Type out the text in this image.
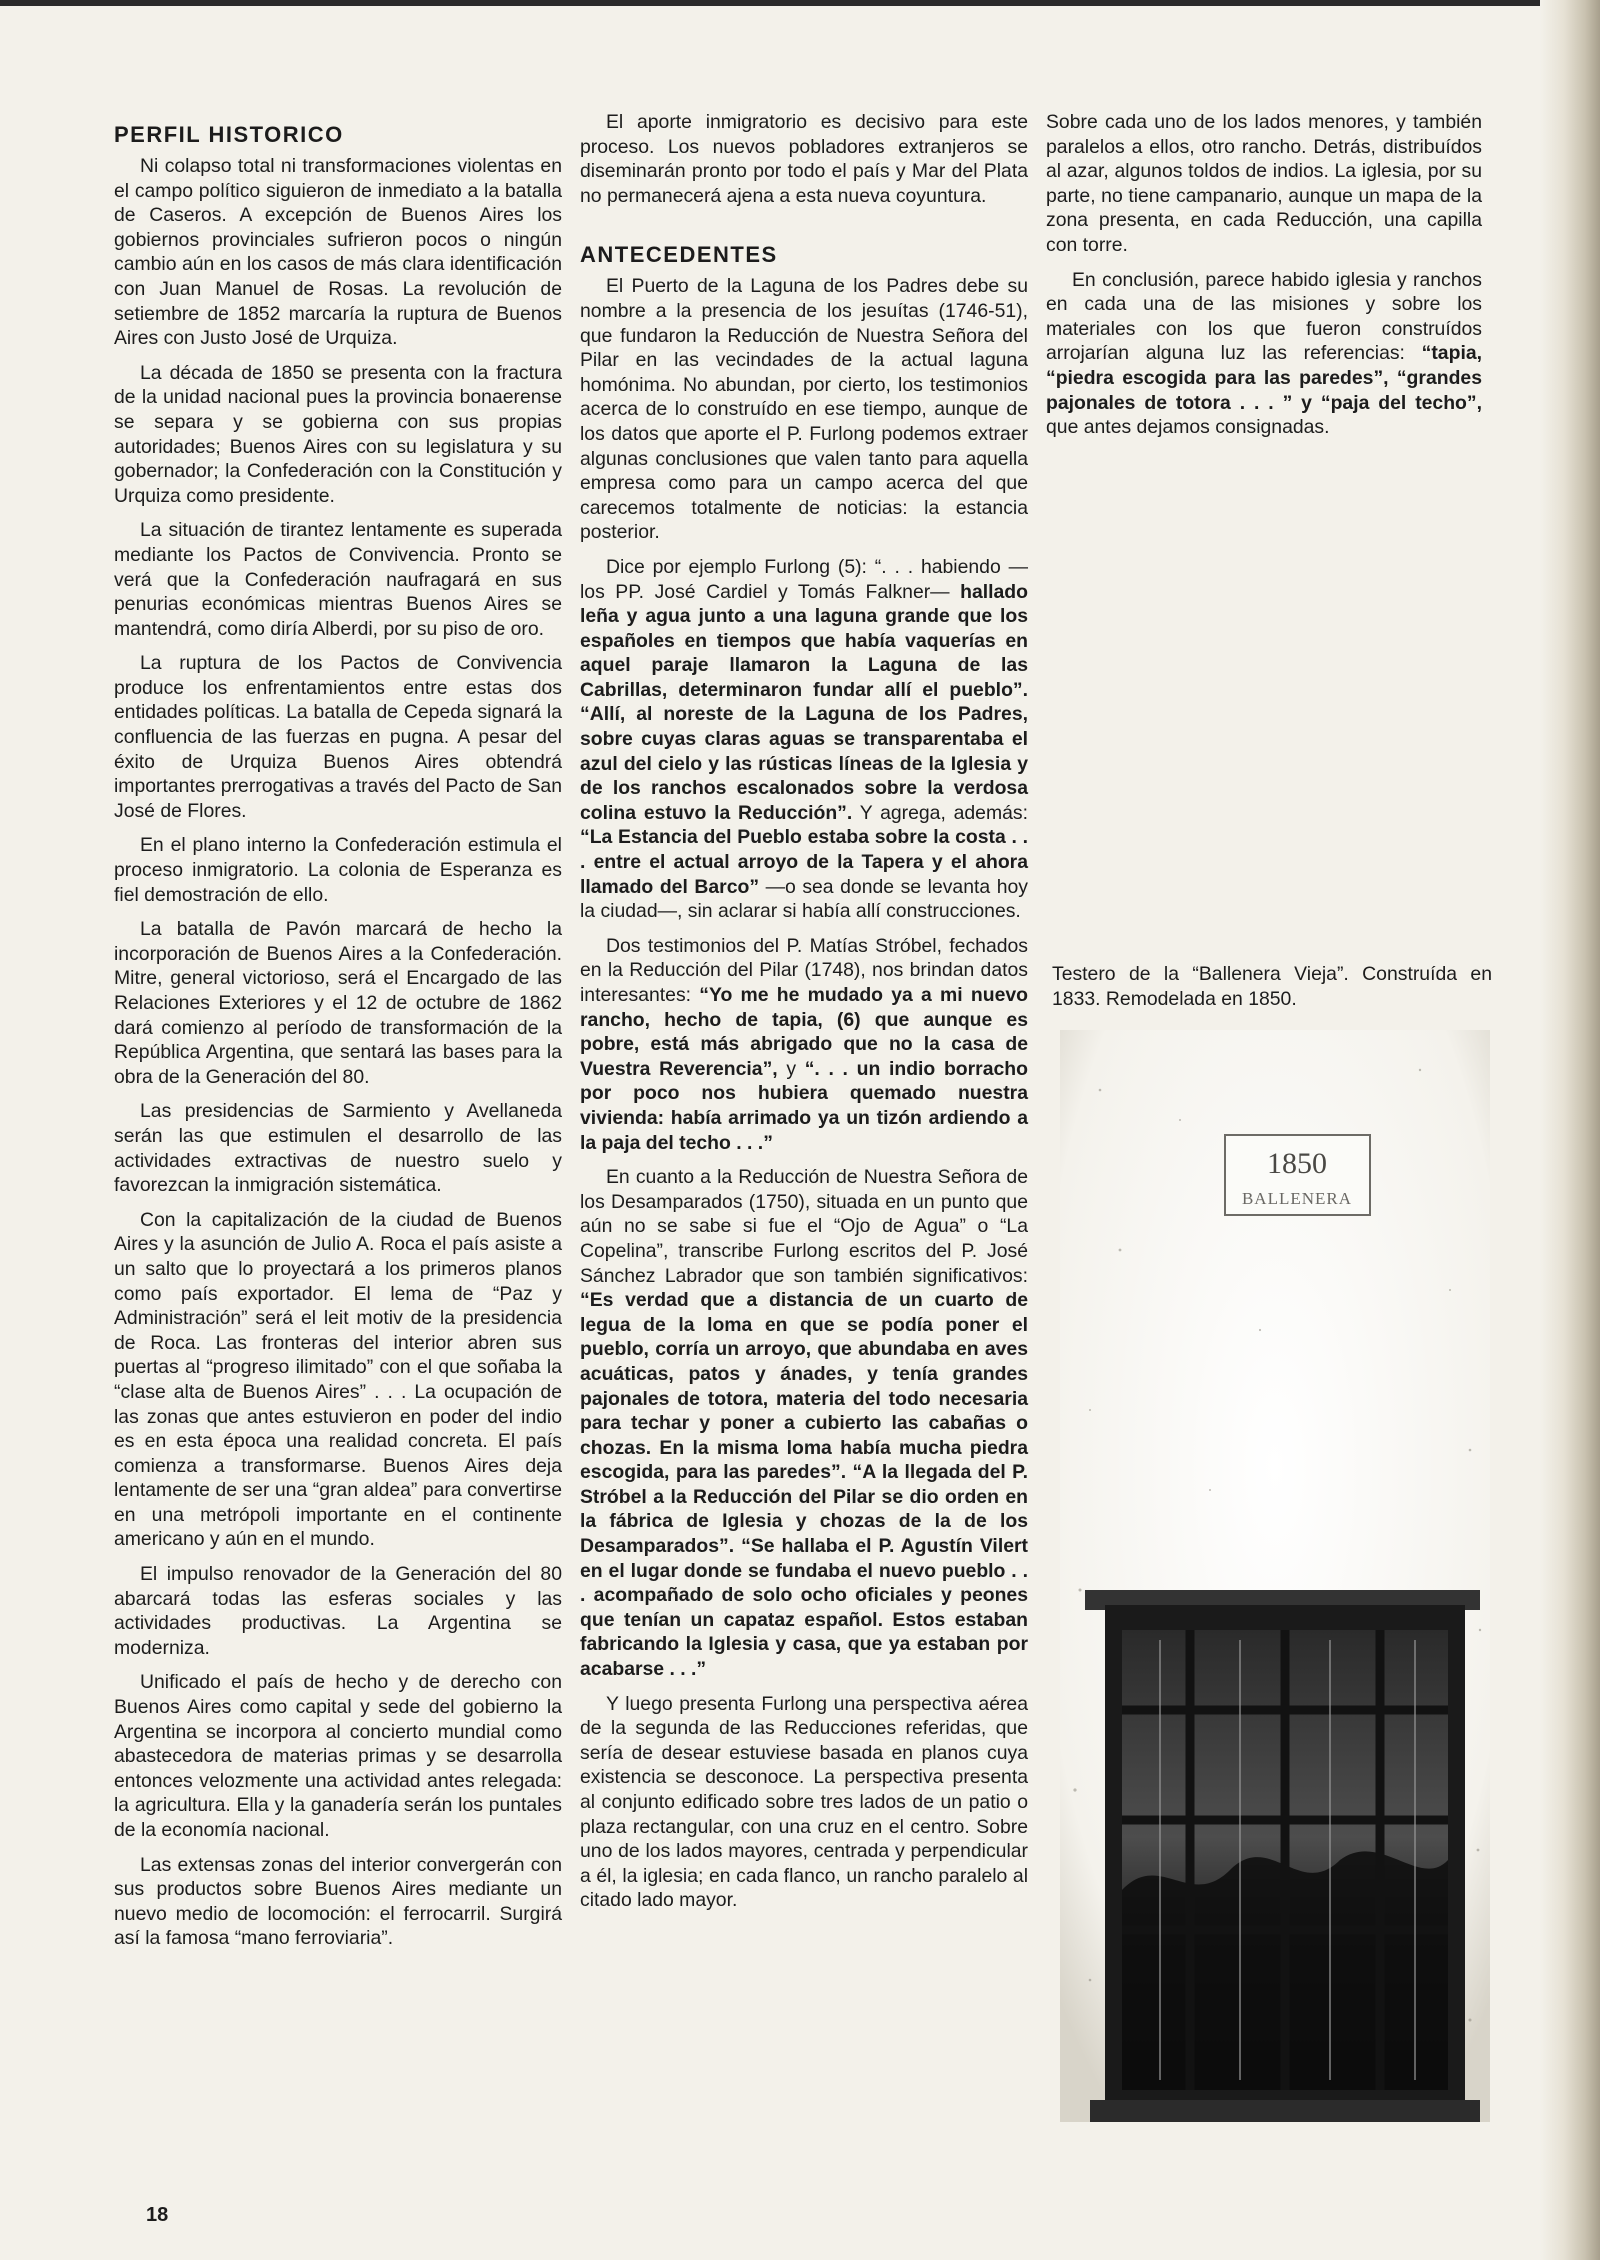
PERFIL HISTORICO

Ni colapso total ni transformaciones violentas en el campo político siguieron de inmediato a la batalla de Caseros. A excepción de Buenos Aires los gobiernos provinciales sufrieron pocos o ningún cambio aún en los casos de más clara identificación con Juan Manuel de Rosas. La revolución de setiembre de 1852 marcaría la ruptura de Buenos Aires con Justo José de Urquiza.

La década de 1850 se presenta con la fractura de la unidad nacional pues la provincia bonaerense se separa y se gobierna con sus propias autoridades; Buenos Aires con su legislatura y su gobernador; la Confederación con la Constitución y Urquiza como presidente.

La situación de tirantez lentamente es superada mediante los Pactos de Convivencia. Pronto se verá que la Confederación naufragará en sus penurias económicas mientras Buenos Aires se mantendrá, como diría Alberdi, por su piso de oro.

La ruptura de los Pactos de Convivencia produce los enfrentamientos entre estas dos entidades políticas. La batalla de Cepeda signará la confluencia de las fuerzas en pugna. A pesar del éxito de Urquiza Buenos Aires obtendrá importantes prerrogativas a través del Pacto de San José de Flores.

En el plano interno la Confederación estimula el proceso inmigratorio. La colonia de Esperanza es fiel demostración de ello.

La batalla de Pavón marcará de hecho la incorporación de Buenos Aires a la Confederación. Mitre, general victorioso, será el Encargado de las Relaciones Exteriores y el 12 de octubre de 1862 dará comienzo al período de transformación de la República Argentina, que sentará las bases para la obra de la Generación del 80.

Las presidencias de Sarmiento y Avellaneda serán las que estimulen el desarrollo de las actividades extractivas de nuestro suelo y favorezcan la inmigración sistemática.

Con la capitalización de la ciudad de Buenos Aires y la asunción de Julio A. Roca el país asiste a un salto que lo proyectará a los primeros planos como país exportador. El lema de “Paz y Administración” será el leit motiv de la presidencia de Roca. Las fronteras del interior abren sus puertas al “progreso ilimitado” con el que soñaba la “clase alta de Buenos Aires” . . . La ocupación de las zonas que antes estuvieron en poder del indio es en esta época una realidad concreta. El país comienza a transformarse. Buenos Aires deja lentamente de ser una “gran aldea” para convertirse en una metrópoli importante en el continente americano y aún en el mundo.

El impulso renovador de la Generación del 80 abarcará todas las esferas sociales y las actividades productivas. La Argentina se moderniza.

Unificado el país de hecho y de derecho con Buenos Aires como capital y sede del gobierno la Argentina se incorpora al concierto mundial como abastecedora de materias primas y se desarrolla entonces velozmente una actividad antes relegada: la agricultura. Ella y la ganadería serán los puntales de la economía nacional.

Las extensas zonas del interior convergerán con sus productos sobre Buenos Aires mediante un nuevo medio de locomoción: el ferrocarril. Surgirá así la famosa “mano ferroviaria”.

El aporte inmigratorio es decisivo para este proceso. Los nuevos pobladores extranjeros se diseminarán pronto por todo el país y Mar del Plata no permanecerá ajena a esta nueva coyuntura.

ANTECEDENTES

El Puerto de la Laguna de los Padres debe su nombre a la presencia de los jesuítas (1746-51), que fundaron la Reducción de Nuestra Señora del Pilar en las vecindades de la actual laguna homónima. No abundan, por cierto, los testimonios acerca de lo construído en ese tiempo, aunque de los datos que aporte el P. Furlong podemos extraer algunas conclusiones que valen tanto para aquella empresa como para un campo acerca del que carecemos totalmente de noticias: la estancia posterior.

Dice por ejemplo Furlong (5): “. . . habiendo —los PP. José Cardiel y Tomás Falkner— hallado leña y agua junto a una laguna grande que los españoles en tiempos que había vaquerías en aquel paraje llamaron la Laguna de las Cabrillas, determinaron fundar allí el pueblo”. “Allí, al noreste de la Laguna de los Padres, sobre cuyas claras aguas se transparentaba el azul del cielo y las rústicas líneas de la Iglesia y de los ranchos escalonados sobre la verdosa colina estuvo la Reducción”. Y agrega, además: “La Estancia del Pueblo estaba sobre la costa . . . entre el actual arroyo de la Tapera y el ahora llamado del Barco” —o sea donde se levanta hoy la ciudad—, sin aclarar si había allí construcciones.

Dos testimonios del P. Matías Stróbel, fechados en la Reducción del Pilar (1748), nos brindan datos interesantes: “Yo me he mudado ya a mi nuevo rancho, hecho de tapia, (6) que aunque es pobre, está más abrigado que no la casa de Vuestra Reverencia”, y “. . . un indio borracho por poco nos hubiera quemado nuestra vivienda: había arrimado ya un tizón ardiendo a la paja del techo . . .”

En cuanto a la Reducción de Nuestra Señora de los Desamparados (1750), situada en un punto que aún no se sabe si fue el “Ojo de Agua” o “La Copelina”, transcribe Furlong escritos del P. José Sánchez Labrador que son también significativos: “Es verdad que a distancia de un cuarto de legua de la loma en que se podía poner el pueblo, corría un arroyo, que abundaba en aves acuáticas, patos y ánades, y tenía grandes pajonales de totora, materia del todo necesaria para techar y poner a cubierto las cabañas o chozas. En la misma loma había mucha piedra escogida, para las paredes”. “A la llegada del P. Stróbel a la Reducción del Pilar se dio orden en la fábrica de Iglesia y chozas de la de los Desamparados”. “Se hallaba el P. Agustín Vilert en el lugar donde se fundaba el nuevo pueblo . . . acompañado de solo ocho oficiales y peones que tenían un capataz español. Estos estaban fabricando la Iglesia y casa, que ya estaban por acabarse . . .”

Y luego presenta Furlong una perspectiva aérea de la segunda de las Reducciones referidas, que sería de desear estuviese basada en planos cuya existencia se desconoce. La perspectiva presenta al conjunto edificado sobre tres lados de un patio o plaza rectangular, con una cruz en el centro. Sobre uno de los lados mayores, centrada y perpendicular a él, la iglesia; en cada flanco, un rancho paralelo al citado lado mayor.

Sobre cada uno de los lados menores, y también paralelos a ellos, otro rancho. Detrás, distribuídos al azar, algunos toldos de indios. La iglesia, por su parte, no tiene campanario, aunque un mapa de la zona presenta, en cada Reducción, una capilla con torre.

En conclusión, parece habido iglesia y ranchos en cada una de las misiones y sobre los materiales con los que fueron construídos arrojarían alguna luz las referencias: “tapia, “piedra escogida para las paredes”, “grandes pajonales de totora . . . ” y “paja del techo”, que antes dejamos consignadas.

Testero de la “Ballenera Vieja”. Construída en 1833. Remodelada en 1850.
1850
BALLENERA
18
